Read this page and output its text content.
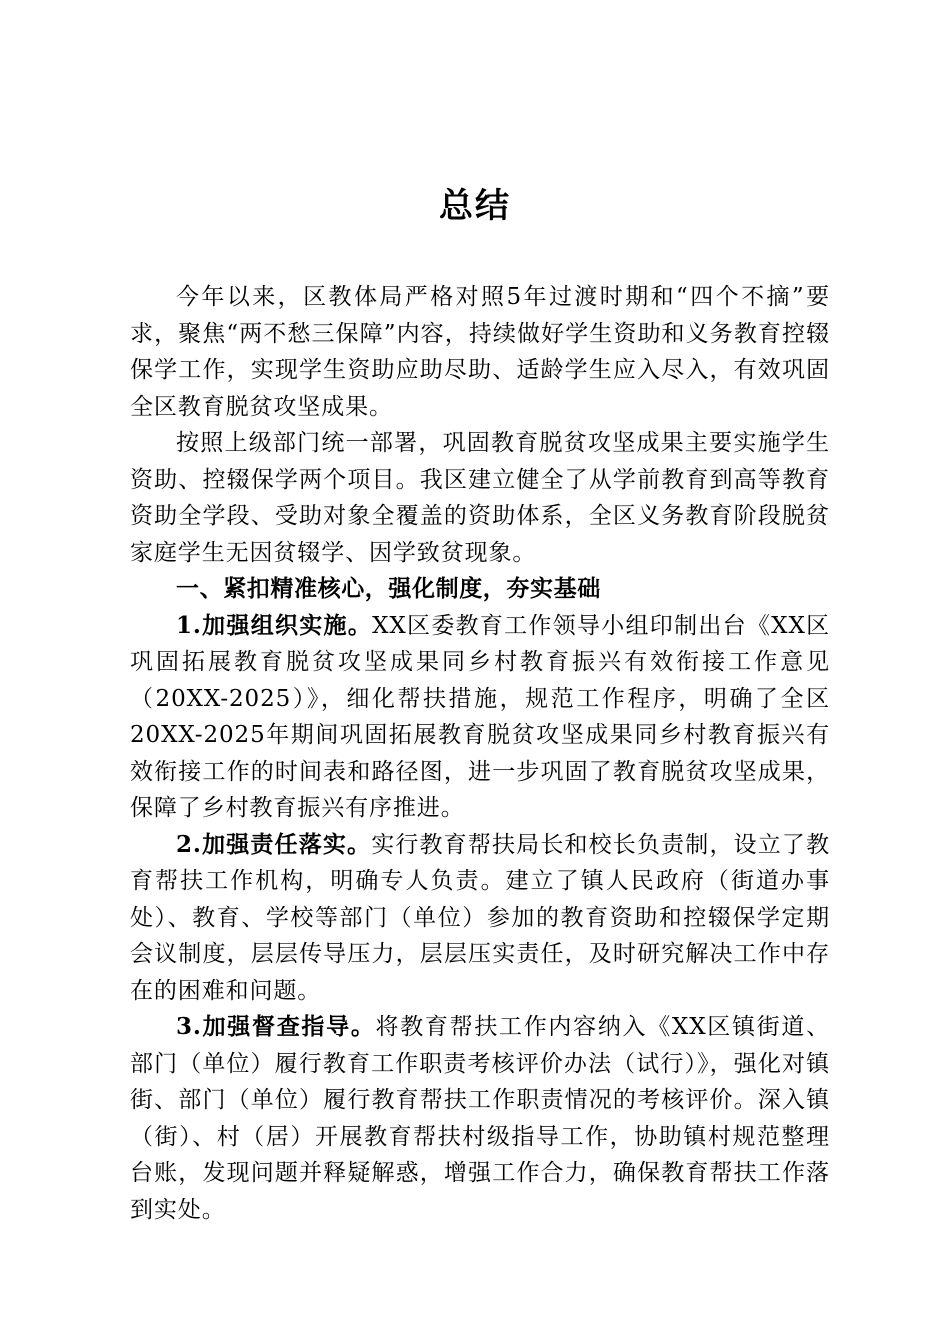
总结

今年以来，区教体局严格对照5年过渡时期和“四个不摘”要求，聚焦“两不愁三保障”内容，持续做好学生资助和义务教育控辍保学工作，实现学生资助应助尽助、适龄学生应入尽入，有效巩固全区教育脱贫攻坚成果。

按照上级部门统一部署，巩固教育脱贫攻坚成果主要实施学生资助、控辍保学两个项目。我区建立健全了从学前教育到高等教育资助全学段、受助对象全覆盖的资助体系，全区义务教育阶段脱贫家庭学生无因贫辍学、因学致贫现象。

一、紧扣精准核心，强化制度，夯实基础

1.加强组织实施。XX区委教育工作领导小组印制出台《XX区巩固拓展教育脱贫攻坚成果同乡村教育振兴有效衔接工作意见（20XX-2025）》，细化帮扶措施，规范工作程序，明确了全区20XX-2025年期间巩固拓展教育脱贫攻坚成果同乡村教育振兴有效衔接工作的时间表和路径图，进一步巩固了教育脱贫攻坚成果，保障了乡村教育振兴有序推进。

2.加强责任落实。实行教育帮扶局长和校长负责制，设立了教育帮扶工作机构，明确专人负责。建立了镇人民政府（街道办事处）、教育、学校等部门（单位）参加的教育资助和控辍保学定期会议制度，层层传导压力，层层压实责任，及时研究解决工作中存在的困难和问题。

3.加强督查指导。将教育帮扶工作内容纳入《XX区镇街道、部门（单位）履行教育工作职责考核评价办法（试行）》，强化对镇街、部门（单位）履行教育帮扶工作职责情况的考核评价。深入镇（街）、村（居）开展教育帮扶村级指导工作，协助镇村规范整理台账，发现问题并释疑解惑，增强工作合力，确保教育帮扶工作落到实处。
